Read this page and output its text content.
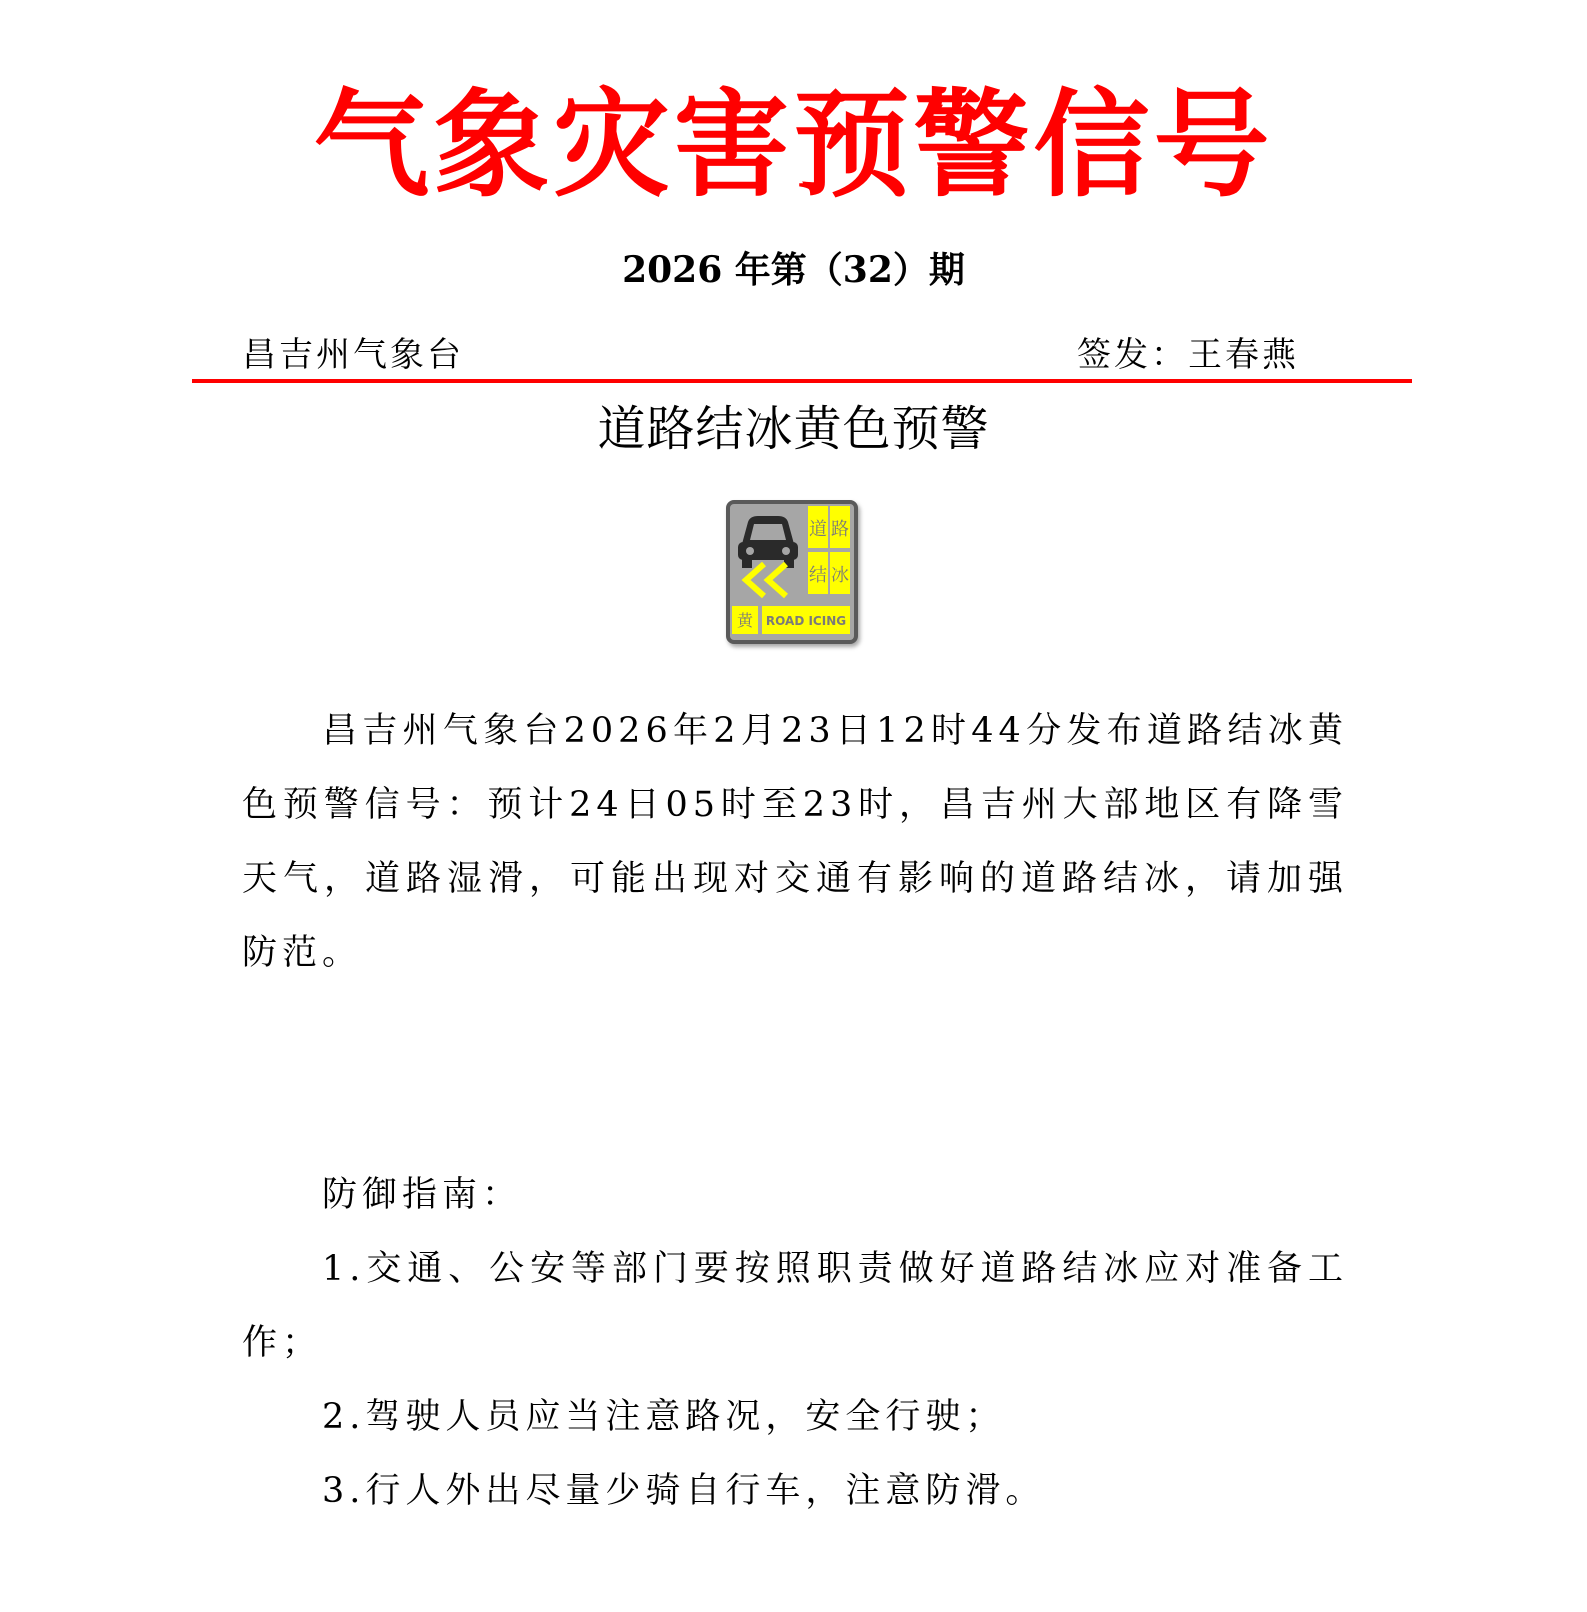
气象灾害预警信号
2026 年第（32）期
昌吉州气象台	签发：王春燕
道路结冰黄色预警
道 路
结 冰
黄 ROAD ICING
昌吉州气象台2026年2月23日12时44分发布道路结冰黄色预警信号：预计24日05时至23时，昌吉州大部地区有降雪天气，道路湿滑，可能出现对交通有影响的道路结冰，请加强防范。
防御指南：
1.交通、公安等部门要按照职责做好道路结冰应对准备工作；
2.驾驶人员应当注意路况，安全行驶；
3.行人外出尽量少骑自行车，注意防滑。
